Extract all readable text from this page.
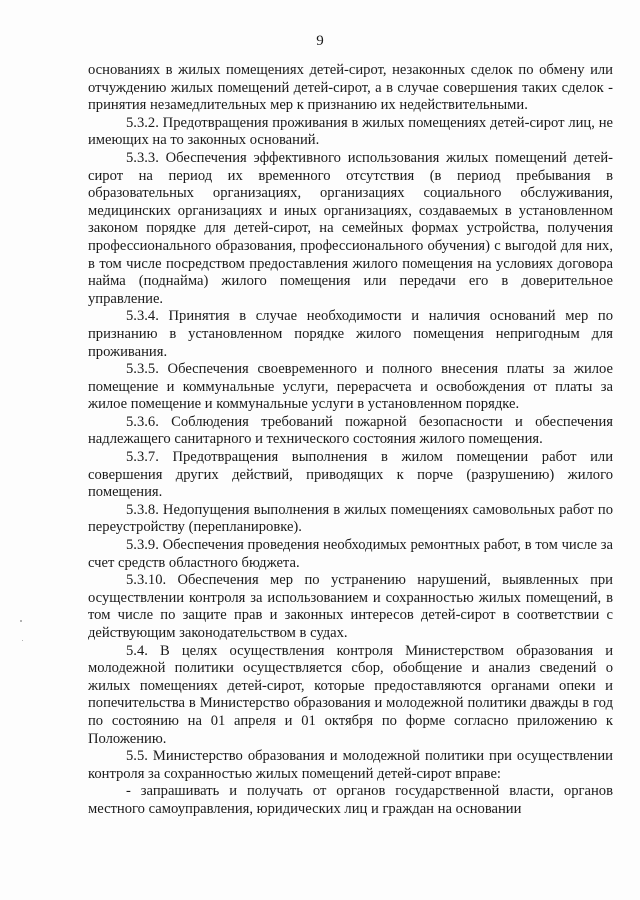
9

основаниях в жилых помещениях детей-сирот, незаконных сделок по обмену или отчуждению жилых помещений детей-сирот, а в случае совершения таких сделок - принятия незамедлительных мер к признанию их недействительными.

5.3.2. Предотвращения проживания в жилых помещениях детей-сирот лиц, не имеющих на то законных оснований.

5.3.3. Обеспечения эффективного использования жилых помещений детей-сирот на период их временного отсутствия (в период пребывания в образовательных организациях, организациях социального обслуживания, медицинских организациях и иных организациях, создаваемых в установленном законом порядке для детей-сирот, на семейных формах устройства, получения профессионального образования, профессионального обучения) с выгодой для них, в том числе посредством предоставления жилого помещения на условиях договора найма (поднайма) жилого помещения или передачи его в доверительное управление.

5.3.4. Принятия в случае необходимости и наличия оснований мер по признанию в установленном порядке жилого помещения непригодным для проживания.

5.3.5. Обеспечения своевременного и полного внесения платы за жилое помещение и коммунальные услуги, перерасчета и освобождения от платы за жилое помещение и коммунальные услуги в установленном порядке.

5.3.6. Соблюдения требований пожарной безопасности и обеспечения надлежащего санитарного и технического состояния жилого помещения.

5.3.7. Предотвращения выполнения в жилом помещении работ или совершения других действий, приводящих к порче (разрушению) жилого помещения.

5.3.8. Недопущения выполнения в жилых помещениях самовольных работ по переустройству (перепланировке).

5.3.9. Обеспечения проведения необходимых ремонтных работ, в том числе за счет средств областного бюджета.

5.3.10. Обеспечения мер по устранению нарушений, выявленных при осуществлении контроля за использованием и сохранностью жилых помещений, в том числе по защите прав и законных интересов детей-сирот в соответствии с действующим законодательством в судах.

5.4. В целях осуществления контроля Министерством образования и молодежной политики осуществляется сбор, обобщение и анализ сведений о жилых помещениях детей-сирот, которые предоставляются органами опеки и попечительства в Министерство образования и молодежной политики дважды в год по состоянию на 01 апреля и 01 октября по форме согласно приложению к Положению.

5.5. Министерство образования и молодежной политики при осуществлении контроля за сохранностью жилых помещений детей-сирот вправе:

- запрашивать и получать от органов государственной власти, органов местного самоуправления, юридических лиц и граждан на основании
